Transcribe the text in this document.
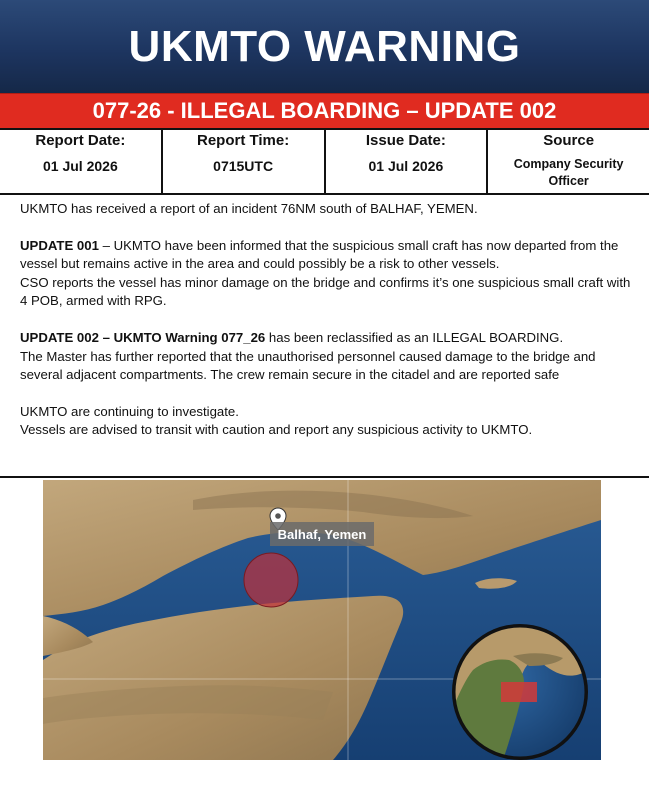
UKMTO WARNING
077-26 - ILLEGAL BOARDING – UPDATE 002
Report Date:
01 Jul 2026
Report Time:
0715UTC
Issue Date:
01 Jul 2026
Source
Company Security
Officer

UKMTO has received a report of an incident 76NM south of BALHAF, YEMEN.

UPDATE 001 – UKMTO have been informed that the suspicious small craft has now departed from the vessel but remains active in the area and could possibly be a risk to other vessels.

CSO reports the vessel has minor damage on the bridge and confirms it’s one suspicious small craft with 4 POB, armed with RPG.

UPDATE 002 – UKMTO Warning 077_26 has been reclassified as an ILLEGAL BOARDING.

The Master has further reported that the unauthorised personnel caused damage to the bridge and several adjacent compartments. The crew remain secure in the citadel and are reported safe

UKMTO are continuing to investigate.

Vessels are advised to transit with caution and report any suspicious activity to UKMTO.

Balhaf, Yemen
